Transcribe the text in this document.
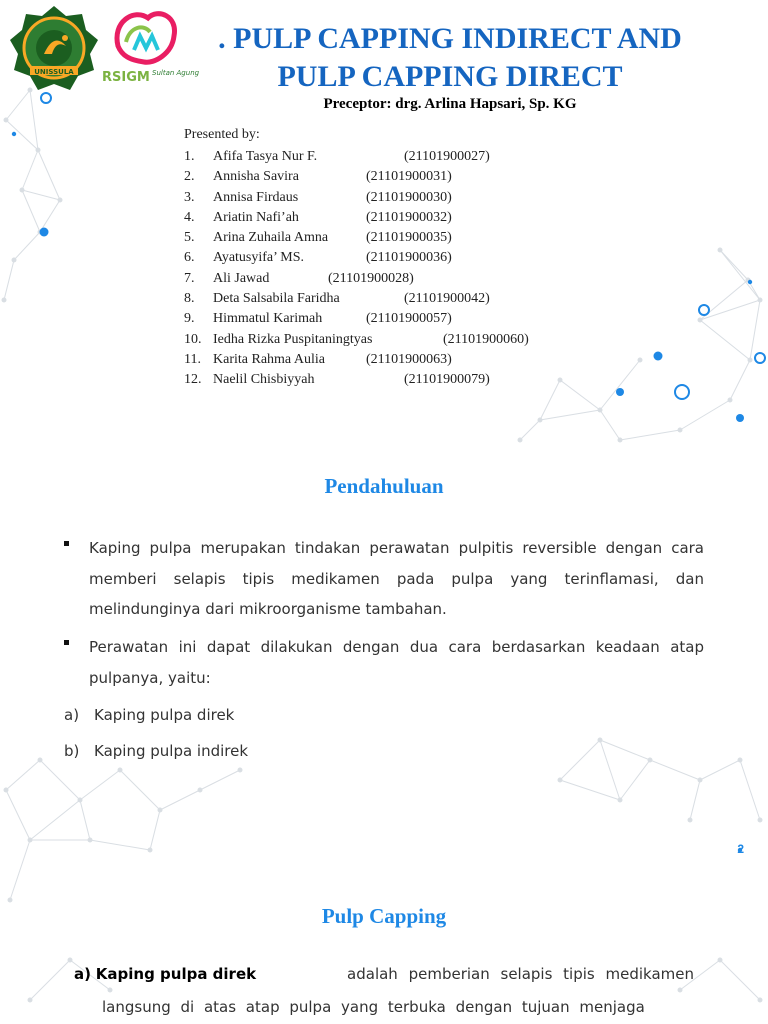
UNISSULA RSIGM Sultan Agung
. PULP CAPPING INDIRECT AND
PULP CAPPING DIRECT
Preceptor: drg. Arlina Hapsari, Sp. KG
Presented by:
1. Afifa Tasya Nur F.	(21101900027)
2. Annisha Savira	(21101900031)
3. Annisa Firdaus	(21101900030)
4. Ariatin Nafi’ah	(21101900032)
5. Arina Zuhaila Amna	(21101900035)
6. Ayatusyifa’ MS.	(21101900036)
7. Ali Jawad	(21101900028)
8. Deta Salsabila Faridha	(21101900042)
9. Himmatul Karimah	(21101900057)
10. Iedha Rizka Puspitaningtyas	(21101900060)
11. Karita Rahma Aulia	(21101900063)
12. Naelil Chisbiyyah	(21101900079)
Pendahuluan
Kaping pulpa merupakan tindakan perawatan pulpitis reversible dengan cara memberi selapis tipis medikamen pada pulpa yang terinflamasi, dan melindunginya dari mikroorganisme tambahan.
Perawatan ini dapat dilakukan dengan dua cara berdasarkan keadaan atap pulpanya, yaitu:
a) Kaping pulpa direk
b) Kaping pulpa indirek
2
Pulp Capping
a) Kaping pulpa direk	adalah pemberian selapis tipis medikamen
langsung di atas atap pulpa yang terbuka dengan tujuan menjaga
